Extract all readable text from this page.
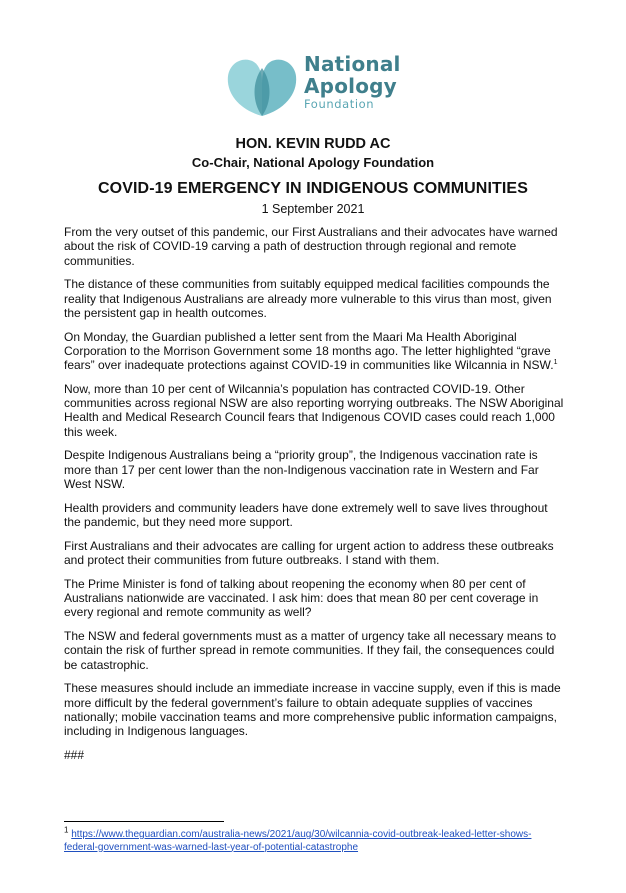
National
Apology
Foundation
HON. KEVIN RUDD AC
Co-Chair, National Apology Foundation
COVID-19 EMERGENCY IN INDIGENOUS COMMUNITIES
1 September 2021

From the very outset of this pandemic, our First Australians and their advocates have warned about the risk of COVID-19 carving a path of destruction through regional and remote communities.

The distance of these communities from suitably equipped medical facilities compounds the reality that Indigenous Australians are already more vulnerable to this virus than most, given the persistent gap in health outcomes.

On Monday, the Guardian published a letter sent from the Maari Ma Health Aboriginal Corporation to the Morrison Government some 18 months ago. The letter highlighted “grave fears” over inadequate protections against COVID-19 in communities like Wilcannia in NSW.$^1$

Now, more than 10 per cent of Wilcannia’s population has contracted COVID-19. Other communities across regional NSW are also reporting worrying outbreaks. The NSW Aboriginal Health and Medical Research Council fears that Indigenous COVID cases could reach 1,000 this week.

Despite Indigenous Australians being a “priority group”, the Indigenous vaccination rate is more than 17 per cent lower than the non-Indigenous vaccination rate in Western and Far West NSW.

Health providers and community leaders have done extremely well to save lives throughout the pandemic, but they need more support.

First Australians and their advocates are calling for urgent action to address these outbreaks and protect their communities from future outbreaks. I stand with them.

The Prime Minister is fond of talking about reopening the economy when 80 per cent of Australians nationwide are vaccinated. I ask him: does that mean 80 per cent coverage in every regional and remote community as well?

The NSW and federal governments must as a matter of urgency take all necessary means to contain the risk of further spread in remote communities. If they fail, the consequences could be catastrophic.

These measures should include an immediate increase in vaccine supply, even if this is made more difficult by the federal government’s failure to obtain adequate supplies of vaccines nationally; mobile vaccination teams and more comprehensive public information campaigns, including in Indigenous languages.

###

$^1$ https://www.theguardian.com/australia-news/2021/aug/30/wilcannia-covid-outbreak-leaked-letter-shows-federal-government-was-warned-last-year-of-potential-catastrophe
